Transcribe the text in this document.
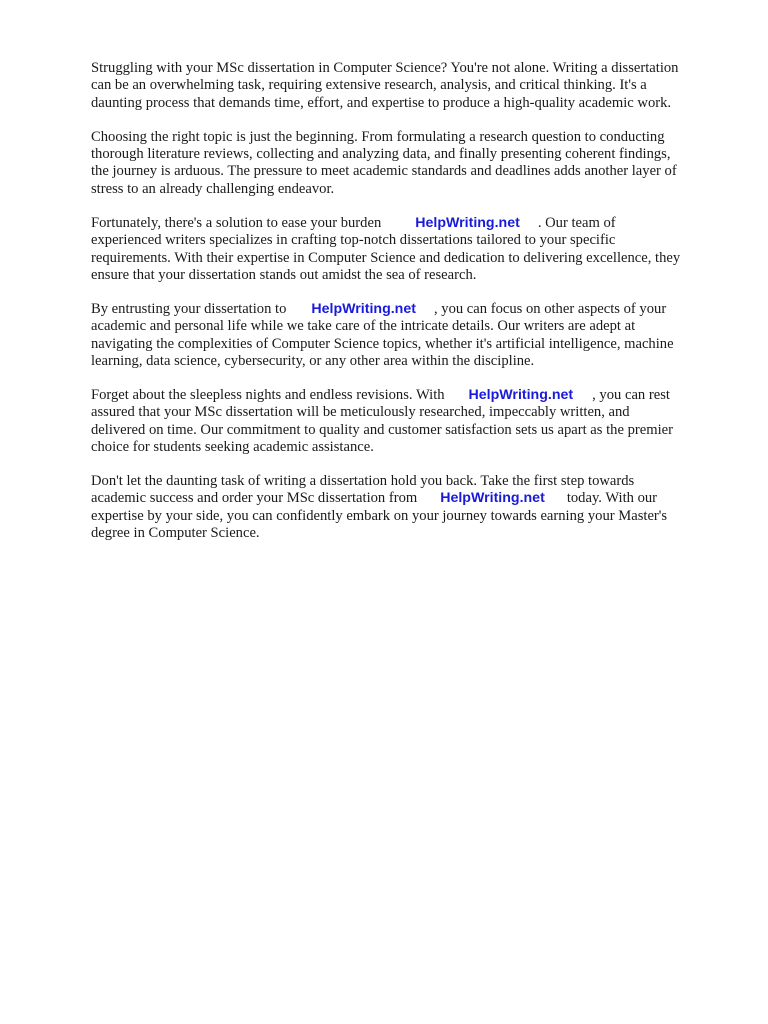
Struggling with your MSc dissertation in Computer Science? You're not alone. Writing a dissertation
can be an overwhelming task, requiring extensive research, analysis, and critical thinking. It's a
daunting process that demands time, effort, and expertise to produce a high-quality academic work.

Choosing the right topic is just the beginning. From formulating a research question to conducting
thorough literature reviews, collecting and analyzing data, and finally presenting coherent findings,
the journey is arduous. The pressure to meet academic standards and deadlines adds another layer of
stress to an already challenging endeavor.

Fortunately, there's a solution to ease your burden HelpWriting.net . Our team of
experienced writers specializes in crafting top-notch dissertations tailored to your specific
requirements. With their expertise in Computer Science and dedication to delivering excellence, they
ensure that your dissertation stands out amidst the sea of research.

By entrusting your dissertation to HelpWriting.net , you can focus on other aspects of your
academic and personal life while we take care of the intricate details. Our writers are adept at
navigating the complexities of Computer Science topics, whether it's artificial intelligence, machine
learning, data science, cybersecurity, or any other area within the discipline.

Forget about the sleepless nights and endless revisions. With HelpWriting.net , you can rest
assured that your MSc dissertation will be meticulously researched, impeccably written, and
delivered on time. Our commitment to quality and customer satisfaction sets us apart as the premier
choice for students seeking academic assistance.

Don't let the daunting task of writing a dissertation hold you back. Take the first step towards
academic success and order your MSc dissertation from HelpWriting.net today. With our
expertise by your side, you can confidently embark on your journey towards earning your Master's
degree in Computer Science.
